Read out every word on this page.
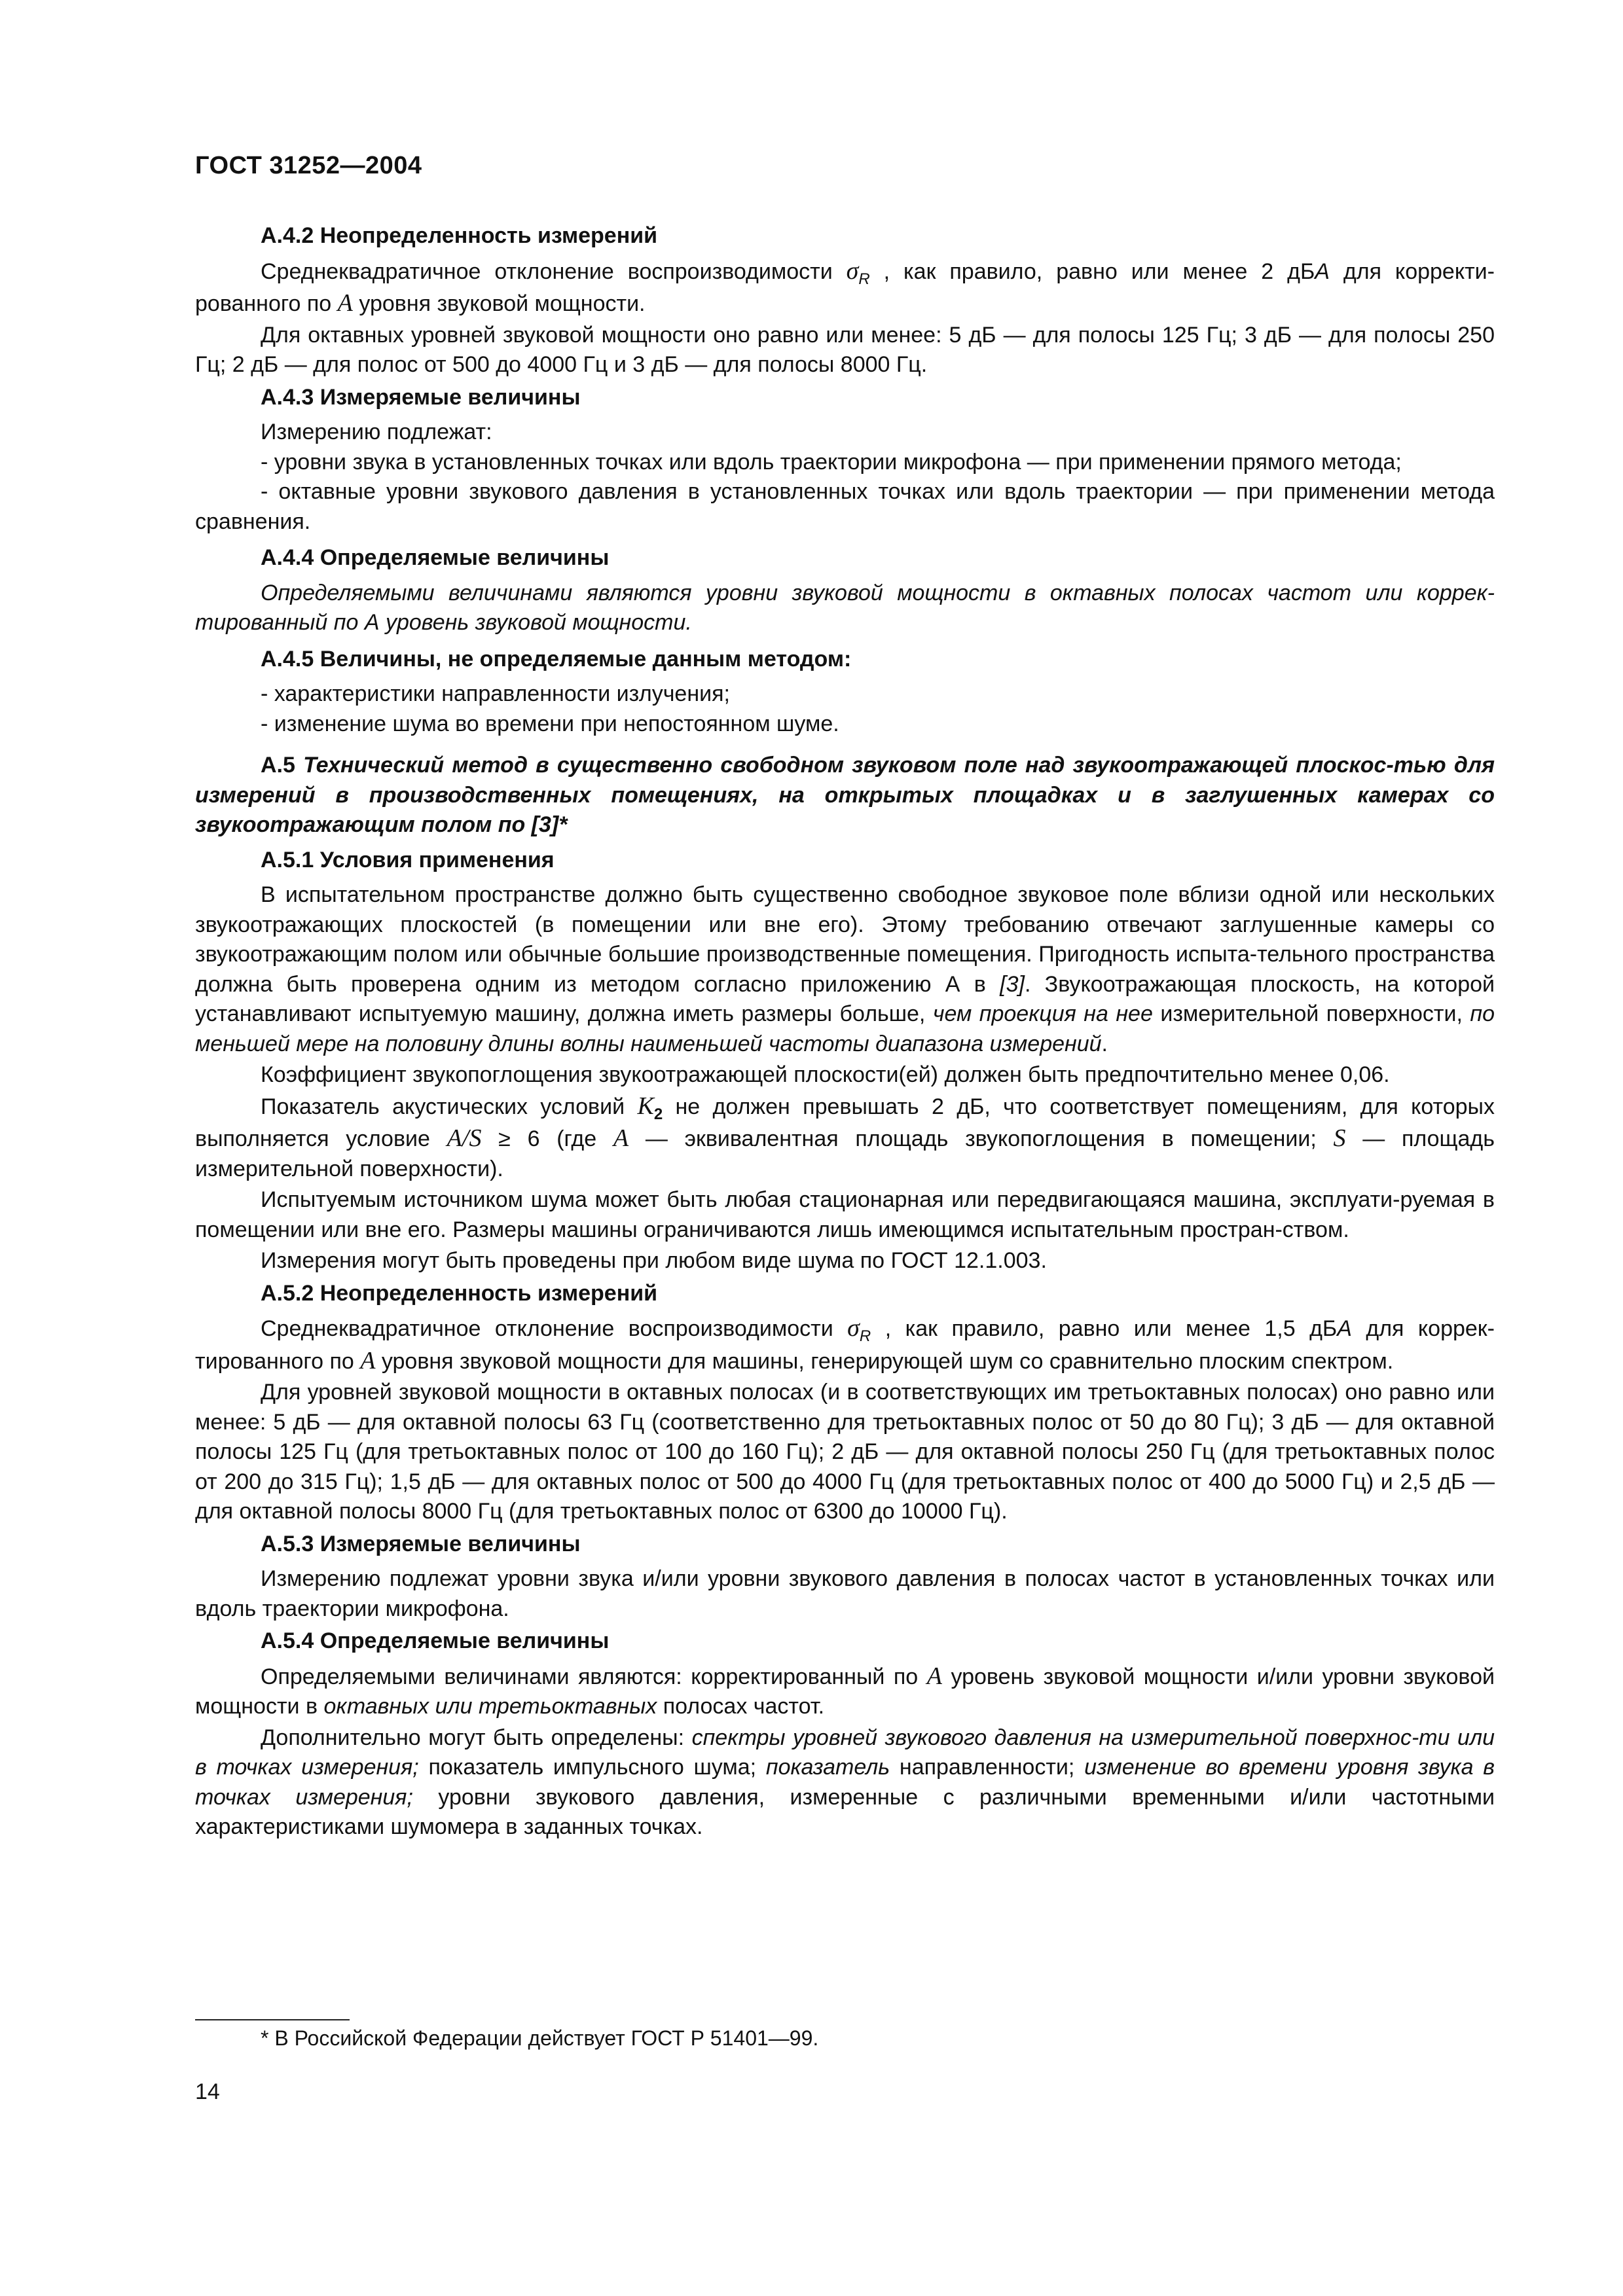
ГОСТ 31252—2004
А.4.2 Неопределенность измерений
Среднеквадратичное отклонение воспроизводимости $\sigma_R$ , как правило, равно или менее 2 дБА для корректи-рованного по А уровня звуковой мощности.
Для октавных уровней звуковой мощности оно равно или менее: 5 дБ — для полосы 125 Гц; 3 дБ — для полосы 250 Гц; 2 дБ — для полос от 500 до 4000 Гц и 3 дБ — для полосы 8000 Гц.
А.4.3 Измеряемые величины
Измерению подлежат:
- уровни звука в установленных точках или вдоль траектории микрофона — при применении прямого метода;
- октавные уровни звукового давления в установленных точках или вдоль траектории — при применении метода сравнения.
А.4.4 Определяемые величины
Определяемыми величинами являются уровни звуковой мощности в октавных полосах частот или коррек-тированный по А уровень звуковой мощности.
А.4.5 Величины, не определяемые данным методом:
- характеристики направленности излучения;
- изменение шума во времени при непостоянном шуме.
А.5 Технический метод в существенно свободном звуковом поле над звукоотражающей плоскос-тью для измерений в производственных помещениях, на открытых площадках и в заглушенных камерах со звукоотражающим полом по [3]*
А.5.1 Условия применения
В испытательном пространстве должно быть существенно свободное звуковое поле вблизи одной или нескольких звукоотражающих плоскостей (в помещении или вне его). Этому требованию отвечают заглушенные камеры со звукоотражающим полом или обычные большие производственные помещения. Пригодность испыта-тельного пространства должна быть проверена одним из методом согласно приложению А в [3]. Звукоотражающая плоскость, на которой устанавливают испытуемую машину, должна иметь размеры больше, чем проекция на нее измерительной поверхности, по меньшей мере на половину длины волны наименьшей частоты диапазона измерений.
Коэффициент звукопоглощения звукоотражающей плоскости(ей) должен быть предпочтительно менее 0,06.
Показатель акустических условий $K_2$ не должен превышать 2 дБ, что соответствует помещениям, для которых выполняется условие A/S ≥ 6 (где A — эквивалентная площадь звукопоглощения в помещении; S — площадь измерительной поверхности).
Испытуемым источником шума может быть любая стационарная или передвигающаяся машина, эксплуати-руемая в помещении или вне его. Размеры машины ограничиваются лишь имеющимся испытательным простран-ством.
Измерения могут быть проведены при любом виде шума по ГОСТ 12.1.003.
А.5.2 Неопределенность измерений
Среднеквадратичное отклонение воспроизводимости $\sigma_R$ , как правило, равно или менее 1,5 дБА для коррек-тированного по А уровня звуковой мощности для машины, генерирующей шум со сравнительно плоским спектром.
Для уровней звуковой мощности в октавных полосах (и в соответствующих им третьоктавных полосах) оно равно или менее: 5 дБ — для октавной полосы 63 Гц (соответственно для третьоктавных полос от 50 до 80 Гц); 3 дБ — для октавной полосы 125 Гц (для третьоктавных полос от 100 до 160 Гц); 2 дБ — для октавной полосы 250 Гц (для третьоктавных полос от 200 до 315 Гц); 1,5 дБ — для октавных полос от 500 до 4000 Гц (для третьоктавных полос от 400 до 5000 Гц) и 2,5 дБ — для октавной полосы 8000 Гц (для третьоктавных полос от 6300 до 10000 Гц).
А.5.3 Измеряемые величины
Измерению подлежат уровни звука и/или уровни звукового давления в полосах частот в установленных точках или вдоль траектории микрофона.
А.5.4 Определяемые величины
Определяемыми величинами являются: корректированный по А уровень звуковой мощности и/или уровни звуковой мощности в октавных или третьоктавных полосах частот.
Дополнительно могут быть определены: спектры уровней звукового давления на измерительной поверхнос-ти или в точках измерения; показатель импульсного шума; показатель направленности; изменение во времени уровня звука в точках измерения; уровни звукового давления, измеренные с различными временными и/или частотными характеристиками шумомера в заданных точках.
* В Российской Федерации действует ГОСТ Р 51401—99.
14
